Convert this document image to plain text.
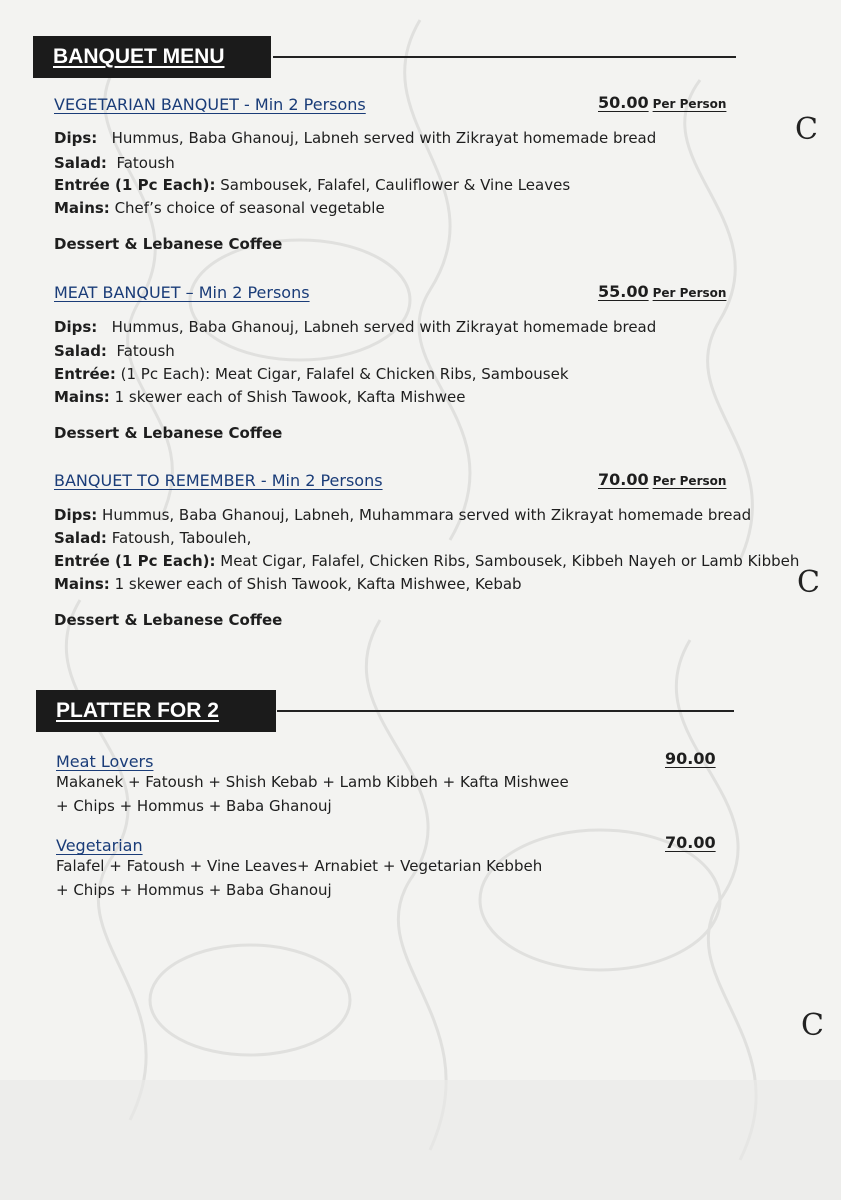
BANQUET MENU
VEGETARIAN BANQUET - Min 2 Persons	50.00 Per Person
Dips: Hummus, Baba Ghanouj, Labneh served with Zikrayat homemade bread
Salad: Fatoush
Entrée (1 Pc Each): Sambousek, Falafel, Cauliflower & Vine Leaves
Mains: Chef’s choice of seasonal vegetable
Dessert & Lebanese Coffee
MEAT BANQUET – Min 2 Persons	55.00 Per Person
Dips: Hummus, Baba Ghanouj, Labneh served with Zikrayat homemade bread
Salad: Fatoush
Entrée: (1 Pc Each): Meat Cigar, Falafel & Chicken Ribs, Sambousek
Mains: 1 skewer each of Shish Tawook, Kafta Mishwee
Dessert & Lebanese Coffee
BANQUET TO REMEMBER - Min 2 Persons	70.00 Per Person
Dips: Hummus, Baba Ghanouj, Labneh, Muhammara served with Zikrayat homemade bread
Salad: Fatoush, Tabouleh,
Entrée (1 Pc Each): Meat Cigar, Falafel, Chicken Ribs, Sambousek, Kibbeh Nayeh or Lamb Kibbeh
Mains: 1 skewer each of Shish Tawook, Kafta Mishwee, Kebab
Dessert & Lebanese Coffee
PLATTER FOR 2
Meat Lovers	90.00
Makanek + Fatoush + Shish Kebab + Lamb Kibbeh + Kafta Mishwee
+ Chips + Hommus + Baba Ghanouj
Vegetarian	70.00
Falafel + Fatoush + Vine Leaves+ Arnabiet + Vegetarian Kebbeh
+ Chips + Hommus + Baba Ghanouj
C
C
C
